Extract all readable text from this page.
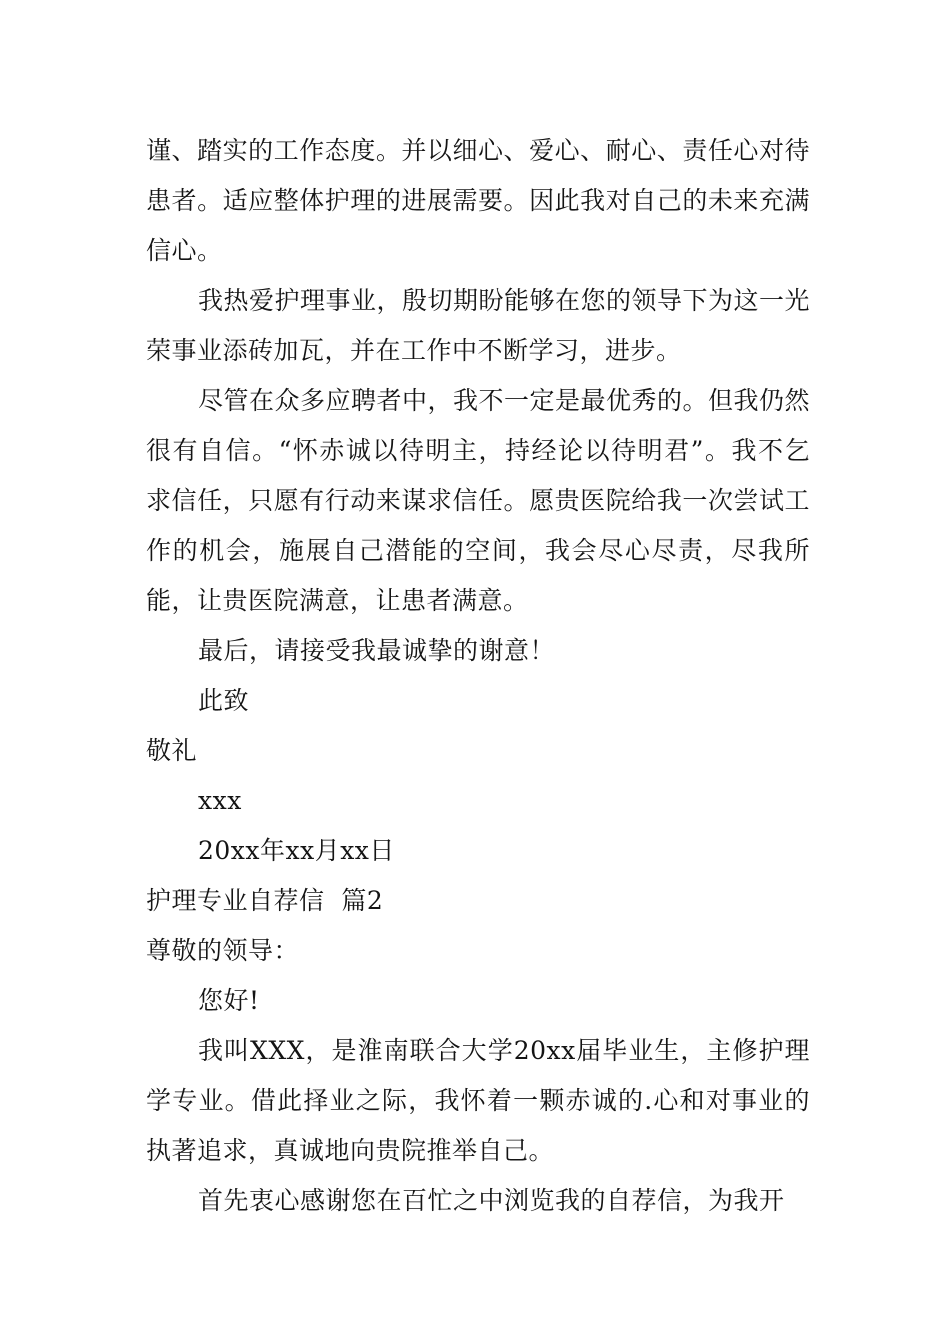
谨、踏实的工作态度。并以细心、爱心、耐心、责任心对待患者。适应整体护理的进展需要。因此我对自己的未来充满信心。

我热爱护理事业，殷切期盼能够在您的领导下为这一光荣事业添砖加瓦，并在工作中不断学习，进步。

尽管在众多应聘者中，我不一定是最优秀的。但我仍然很有自信。“怀赤诚以待明主，持经论以待明君”。我不乞求信任，只愿有行动来谋求信任。愿贵医院给我一次尝试工作的机会，施展自己潜能的空间，我会尽心尽责，尽我所能，让贵医院满意，让患者满意。

最后，请接受我最诚挚的谢意！

此致

敬礼

xxx

20xx年xx月xx日

护理专业自荐信  篇2

尊敬的领导：

您好!

我叫XXX，是淮南联合大学20xx届毕业生，主修护理学专业。借此择业之际，我怀着一颗赤诚的.心和对事业的执著追求，真诚地向贵院推举自己。

首先衷心感谢您在百忙之中浏览我的自荐信，为我开
